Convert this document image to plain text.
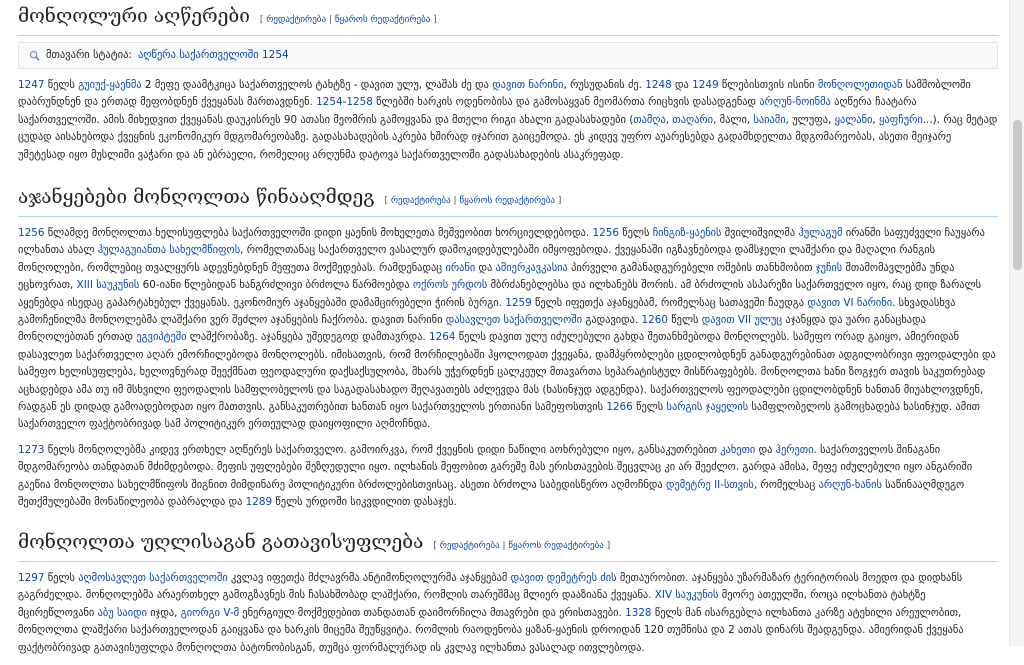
მონღოლური აღწერები [ რედაქტირება | წყაროს რედაქტირება ]
მთავარი სტატია: აღწერა საქართველოში 1254

1247 წელს გუიუქ-ყაენმა 2 მეფე დაამტკიცა საქართველოს ტახტზე - დავით ულუ, ლაშას ძე და დავით ნარინი, რუსუდანის ძე. 1248 და 1249 წლებისთვის ისინი მონღოლეთიდან სამშობლოში დაბრუნდნენ და ერთად მეფობდნენ ქვეყანას მართავდნენ. 1254-1258 წლებში ხარკის ოდენობისა და გამოსაყვან მეომართა რიცხვის დასადგენად არღუნ-ნოინმა აღწერა ჩაატარა საქართველოში. ამის მიხედვით ქვეყანას დაუკისრეს 90 ათასი მეომრის გამოყვანა და მთელი რიგი ახალი გადასახადები (თამღა, თაღარი, მალი, საიამი, ულუფა, ყალანი, ყაფჩური...). რაც მეტად ცუდად აისახებოდა ქვეყნის ეკონომიკურ მდგომარეობაზე. გადასახადების აკრება ხშირად იჯარით გაიცემოდა. ეს კიდევ უფრო აუარესებდა გადამხდელთა მდგომარეობას, ასეთი მეიჯარე უმეტესად იყო მუსლიმი ვაჭარი და ან ებრაელი, რომელიც არღუნმა დატოვა საქართველოში გადასახადების ასაკრეფად.

აჯანყებები მონღოლთა წინააღმდეგ [ რედაქტირება | წყაროს რედაქტირება ]

1256 წლამდე მონღოლთა ხელისუფლება საქართველოში დიდი ყაენის მოხელეთა მეშვეობით ხორციელდებოდა. 1256 წელს ჩინგიზ-ყაენის შვილიშვილმა ჰულაგუმ ირანში საფუძველი ჩაუყარა ილხანთა ახალ ჰულაგუიანთა სახელმწიფოს, რომელთანაც საქართველო ვასალურ დამოკიდებულებაში იმყოფებოდა. ქვეყანაში იგზავნებოდა დამსჯელი ლაშქარი და მაღალი რანგის მონღოლები, რომლებიც თვალყურს ადევნებდნენ მეფეთა მოქმედებას. რამდენადაც ირანი და ამიერკავკასია პირველი გამანადგურებელი ომების თანხმობით ჯუჩის შთამომავლებმა უნდა ეცხოვრათ, XIII საუკუნის 60-იანი წლებიდან ხანგრძლივი ბრძოლა წარმოებდა ოქროს ურდოს მბრძანებლებსა და ილხანებს შორის. ამ ბრძოლის ასპარეზი საქართველო იყო, რაც დიდ ზარალს აყენებდა ისედაც გაპარტახებულ ქვეყანას. ეკონომიურ აჯანყებაში დამამცირებელი ჭირის ბურგი. 1259 წელს იფეთქა აჯანყებამ, რომელსაც სათავეში ჩაუდგა დავით VI ნარინი. სხვადასხვა გამოჩენილმა მონღოლებმა ლაშქარი ვერ შეძლო აჯანყების ჩაქრობა. დავით ნარინი დასავლეთ საქართველოში გადავიდა. 1260 წელს დავით VII ულუც აჯანყდა და უარი განაცხადა მონღოლებთან ერთად ეგვიპტეში ლაშქრობაზე. აჯანყება უშედეგოდ დამთავრდა. 1264 წელს დავით ულუ იძულებული გახდა შეთანხმებოდა მონღოლებს. სამეფო ორად გაიყო, ამიერიდან დასავლეთ საქართველო აღარ ემორჩილებოდა მონღოლებს. იმისათვის, რომ მორჩილებაში ჰყოლოდათ ქვეყანა, დამპყრობლები ცდილობდნენ განადგურებინათ ადგილობრივი ფეოდალები და სამეფო ხელისუფლება, ხელოვნურად შეექმნათ ფეოდალური დაქსაქსულობა, მხარს უჭერდნენ ცალკეულ მთავართა სეპარატისტულ მისწრაფებებს. მონღოლთა ხანი ზოგჯერ თავის საკუთრებად აცხადებდა ამა თუ იმ მსხვილი ფეოდალის სამფლობელოს და საგადასახადო შეღავათებს აძლევდა მას (ხასინჯუდ ადგენდა). საქართველოს ფეოდალები ცდილობდნენ ხანთან მიუახლოვდნენ, რადგან ეს დიდად გამოადებოდათ იყო მათთვის. განსაკუთრებით ხანთან იყო საქართველოს ერთიანი სამეფოსთვის 1266 წელს სარგის ჯაყელის სამფლობელოს გამოცხადება ხასინჯუდ. ამით საქართველო ფაქტობრივად სამ პოლიტიკურ ერთეულად დაიყოფილი აღმოჩნდა.

1273 წელს მონღოლებმა კიდევ ერთხელ აღწერეს საქართველო. გამოირკვა, რომ ქვეყნის დიდი ნაწილი აოხრებული იყო, განსაკუთრებით კახეთი და ჰერეთი. საქართველოს შინაგანი მდგომარეობა თანდათან მძიმდებოდა. მეფის უფლებები შეზღუდული იყო. ილხანის მეფობით გარეშე მას ერისთავების შეცვლაც კი არ შეეძლო. გარდა ამისა, მეფე იძულებული იყო ანგარიში გაეწია მონღოლთა სახელმწიფოს შიგნით მიმდინარე პოლიტიკური ბრძოლებისთვისაც. ასეთი ბრძოლა საბედისწერო აღმოჩნდა დემეტრე II-სთვის, რომელსაც არღუნ-ხანის საწინააღმდეგო შეთქმულებაში მონაწილეობა დაბრალდა და 1289 წელს ურდოში სიკვდილით დასაჯეს.

მონღოლთა უღლისაგან გათავისუფლება [ რედაქტირება | წყაროს რედაქტირება ]

1297 წელს აღმოსავლეთ საქართველოში კვლავ იფეთქა მძლავრმა ანტიმონღოლურმა აჯანყებამ დავით დემეტრეს ძის მეთაურობით. აჯანყება უზარმაზარ ტერიტორიას მოედო და დიდხანს გაგრძელდა. მონღოლებმა არაერთხელ გამოგზავნეს მის ჩასახშობად ლაშქარი, რომლის თარეშმაც მლიერ დააზიანა ქვეყანა. XIV საუკუნის მეორე ათეულში, როცა ილხანთა ტახტზე მცირეწლოვანი აბუ საიდი იჯდა, გიორგი V-მ ენერგიულ მოქმედებით თანდათან დაიმორჩილა მთავრები და ერისთავები. 1328 წელს მან ისარგებლა ილხანთა კარზე ატეხილი არეულობით, მონღოლთა ლაშქარი საქართველოდან გაიყვანა და ხარკის მიცემა შეუწყვიტა. რომლის რაოდენობა ყაზან-ყაენის დროიდან 120 თუმნისა და 2 ათას დინარს შეადგენდა. ამიერიდან ქვეყანა ფაქტობრივად გათავისუფლდა მონღოლთა ბატონობისგან, თუმცა ფორმალურად ის კვლავ ილხანთა ვასალად ითვლებოდა.
